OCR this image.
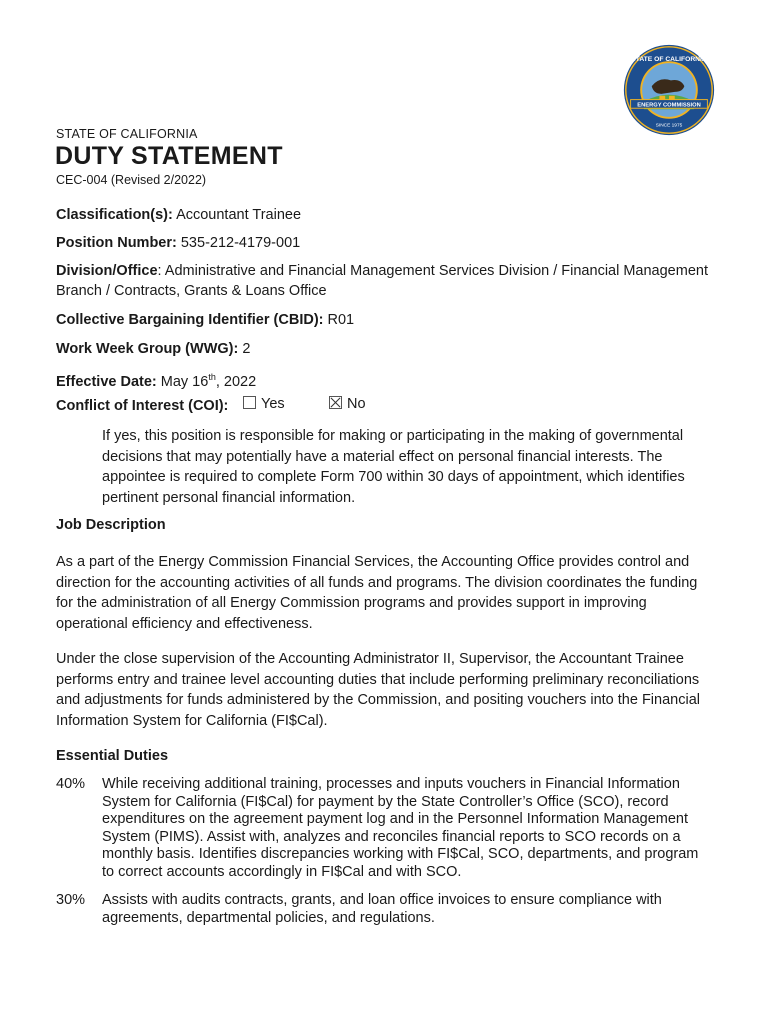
ENERGY COMMISSION
STATE OF CALIFORNIA
SINCE 1975
STATE OF CALIFORNIA
DUTY STATEMENT
CEC-004 (Revised 2/2022)
Classification(s): Accountant Trainee
Position Number: 535-212-4179-001
Division/Office: Administrative and Financial Management Services Division / Financial Management Branch / Contracts, Grants & Loans Office
Collective Bargaining Identifier (CBID): R01
Work Week Group (WWG): 2
Effective Date: May 16th, 2022
Conflict of Interest (COI):	Yes	No
If yes, this position is responsible for making or participating in the making of governmental decisions that may potentially have a material effect on personal financial interests. The appointee is required to complete Form 700 within 30 days of appointment, which identifies pertinent personal financial information.
Job Description
As a part of the Energy Commission Financial Services, the Accounting Office provides control and direction for the accounting activities of all funds and programs. The division coordinates the funding for the administration of all Energy Commission programs and provides support in improving operational efficiency and effectiveness.
Under the close supervision of the Accounting Administrator II, Supervisor, the Accountant Trainee performs entry and trainee level accounting duties that include performing preliminary reconciliations and adjustments for funds administered by the Commission, and positing vouchers into the Financial Information System for California (FI$Cal).
Essential Duties
40% While receiving additional training, processes and inputs vouchers in Financial Information System for California (FI$Cal) for payment by the State Controller’s Office (SCO), record expenditures on the agreement payment log and in the Personnel Information Management System (PIMS). Assist with, analyzes and reconciles financial reports to SCO records on a monthly basis. Identifies discrepancies working with FI$Cal, SCO, departments, and program to correct accounts accordingly in FI$Cal and with SCO.
30% Assists with audits contracts, grants, and loan office invoices to ensure compliance with agreements, departmental policies, and regulations.
